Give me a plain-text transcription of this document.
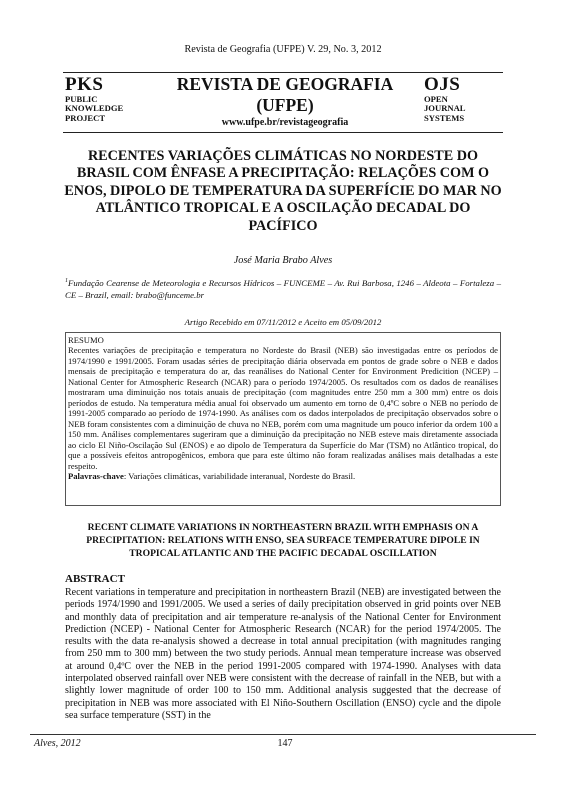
Revista de Geografia (UFPE) V. 29, No. 3, 2012
PKS
PUBLIC
KNOWLEDGE
PROJECT
REVISTA DE GEOGRAFIA
(UFPE)
www.ufpe.br/revistageografia
OJS
OPEN
JOURNAL
SYSTEMS
RECENTES VARIAÇÕES CLIMÁTICAS NO NORDESTE DO BRASIL COM ÊNFASE A PRECIPITAÇÃO: RELAÇÕES COM O ENOS, DIPOLO DE TEMPERATURA DA SUPERFÍCIE DO MAR NO ATLÂNTICO TROPICAL E A OSCILAÇÃO DECADAL DO PACÍFICO
José Maria Brabo Alves
$^1$Fundação Cearense de Meteorologia e Recursos Hídricos – FUNCEME – Av. Rui Barbosa, 1246 – Aldeota – Fortaleza – CE – Brazil, email: brabo@funceme.br
Artigo Recebido em 07/11/2012 e Aceito em 05/09/2012
RESUMO
Recentes variações de precipitação e temperatura no Nordeste do Brasil (NEB) são investigadas entre os períodos de 1974/1990 e 1991/2005. Foram usadas séries de precipitação diária observada em pontos de grade sobre o NEB e dados mensais de precipitação e temperatura do ar, das reanálises do National Center for Environment Predicition (NCEP) – National Center for Atmospheric Research (NCAR) para o período 1974/2005. Os resultados com os dados de reanálises mostraram uma diminuição nos totais anuais de precipitação (com magnitudes entre 250 mm a 300 mm) entre os dois períodos de estudo. Na temperatura média anual foi observado um aumento em torno de 0,4ºC sobre o NEB no período de 1991-2005 comparado ao período de 1974-1990. As análises com os dados interpolados de precipitação observados sobre o NEB foram consistentes com a diminuição de chuva no NEB, porém com uma magnitude um pouco inferior da ordem 100 a 150 mm. Análises complementares sugeriram que a diminuição da precipitação no NEB esteve mais diretamente associada ao ciclo El Niño-Oscilação Sul (ENOS) e ao dipolo de Temperatura da Superfície do Mar (TSM) no Atlântico tropical, do que a possíveis efeitos antropogênicos, embora que para este último não foram realizadas análises mais detalhadas a este respeito.
Palavras-chave: Variações climáticas, variabilidade interanual, Nordeste do Brasil.
RECENT CLIMATE VARIATIONS IN NORTHEASTERN BRAZIL WITH EMPHASIS ON A PRECIPITATION: RELATIONS WITH ENSO, SEA SURFACE TEMPERATURE DIPOLE IN TROPICAL ATLANTIC AND THE PACIFIC DECADAL OSCILLATION
ABSTRACT
Recent variations in temperature and precipitation in northeastern Brazil (NEB) are investigated between the periods 1974/1990 and 1991/2005. We used a series of daily precipitation observed in grid points over NEB and monthly data of precipitation and air temperature re-analysis of the National Center for Environment Prediction (NCEP) - National Center for Atmospheric Research (NCAR) for the period 1974/2005. The results with the data re-analysis showed a decrease in total annual precipitation (with magnitudes ranging from 250 mm to 300 mm) between the two study periods. Annual mean temperature increase was observed at around 0,4ºC over the NEB in the period 1991-2005 compared with 1974-1990. Analyses with data interpolated observed rainfall over NEB were consistent with the decrease of rainfall in the NEB, but with a slightly lower magnitude of order 100 to 150 mm. Additional analysis suggested that the decrease of precipitation in NEB was more associated with El Niño-Southern Oscillation (ENSO) cycle and the dipole sea surface temperature (SST) in the
Alves, 2012	147
